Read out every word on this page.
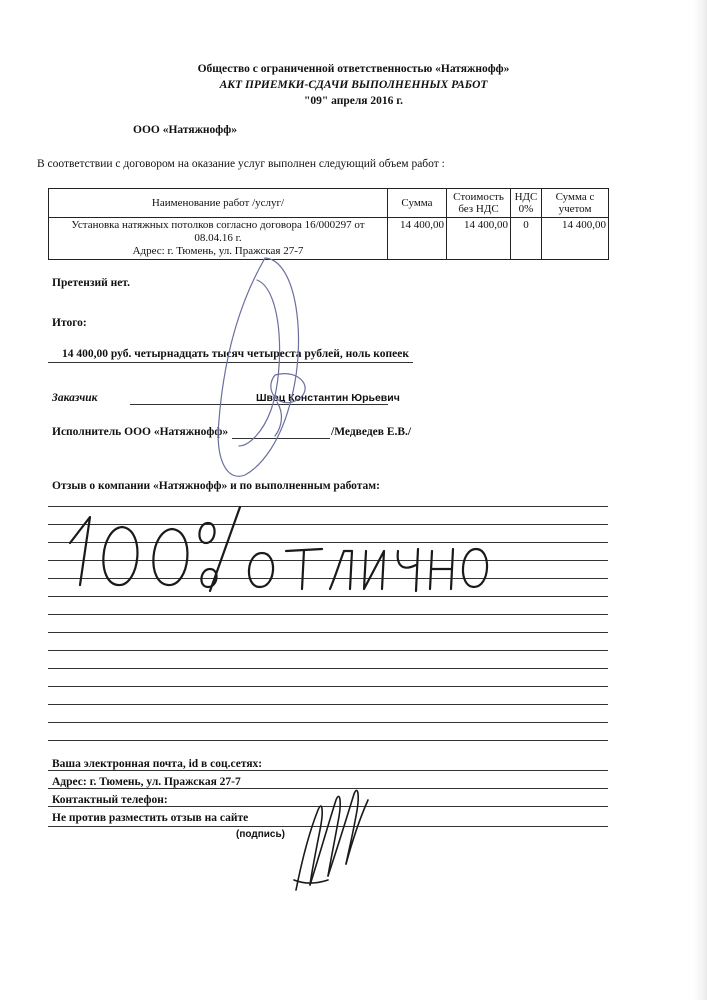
Общество с ограниченной ответственностью «Натяжнофф»
АКТ ПРИЕМКИ-СДАЧИ ВЫПОЛНЕННЫХ РАБОТ
"09" апреля 2016 г.
ООО «Натяжнофф»
В соответствии с договором на оказание услуг выполнен следующий объем работ :
Наименование работ /услуг/	Сумма	Стоимость без НДС	НДС 0%	Сумма с учетом

Установка натяжных потолков согласно договора 16/000297 от 08.04.16 г.
Адрес: г. Тюмень, ул. Пражская 27-7	14 400,00	14 400,00	0	14 400,00
Претензий нет.
Итого:
14 400,00 руб. четырнадцать тысяч четыреста рублей, ноль копеек
Заказчик	Швец Константин Юрьевич
Исполнитель ООО «Натяжнофф»	/Медведев Е.В./
Отзыв о компании «Натяжнофф» и по выполненным работам:
Ваша электронная почта, id в соц.сетях:
Адрес: г. Тюмень, ул. Пражская 27-7
Контактный телефон:
Не против разместить отзыв на сайте
(подпись)
